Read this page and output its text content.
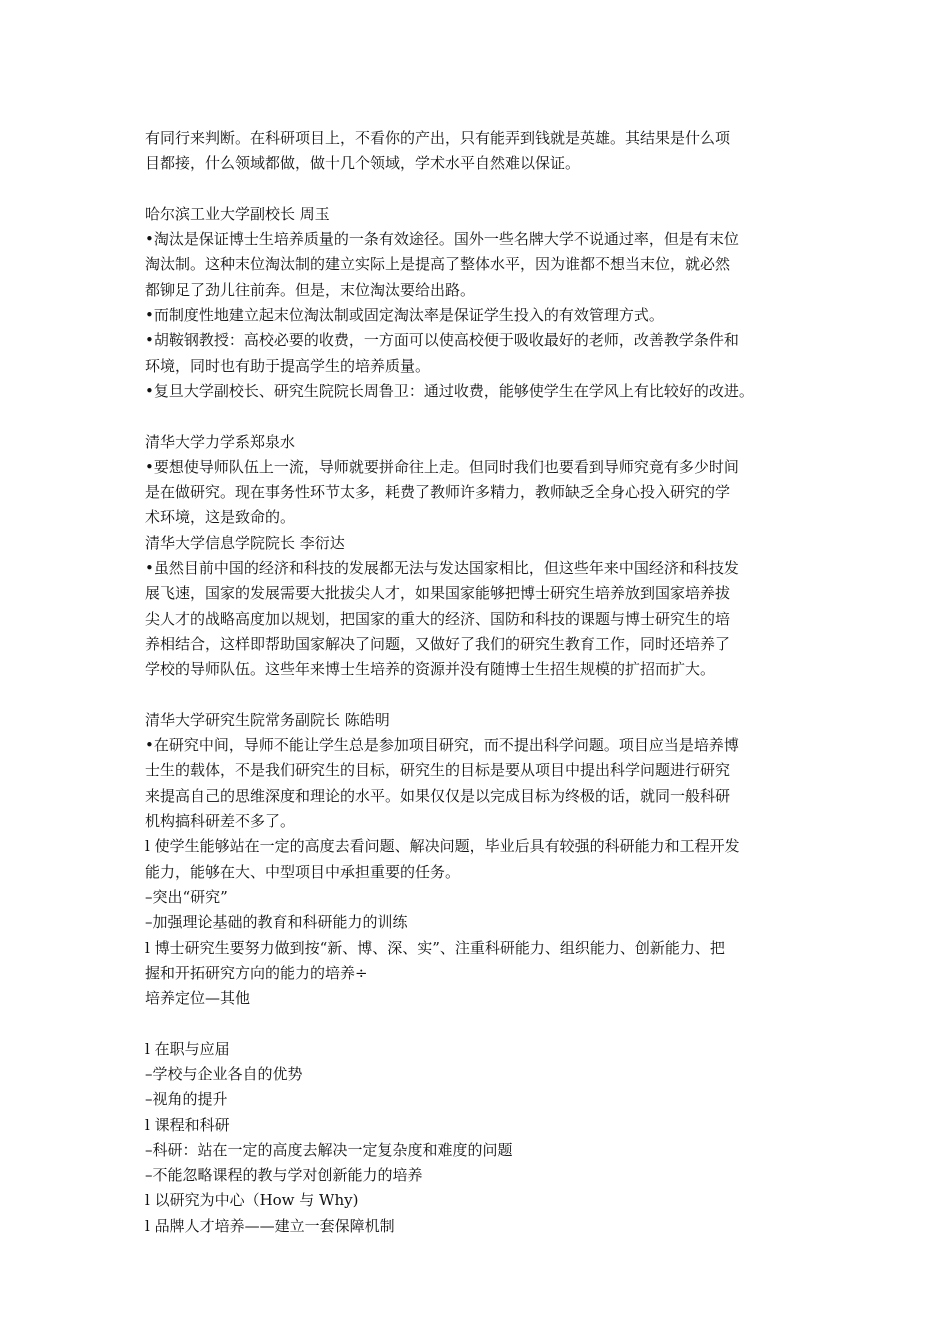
有同行来判断。在科研项目上，不看你的产出，只有能弄到钱就是英雄。其结果是什么项
目都接，什么领域都做，做十几个领域，学术水平自然难以保证。
哈尔滨工业大学副校长 周玉
•淘汰是保证博士生培养质量的一条有效途径。国外一些名牌大学不说通过率，但是有末位
淘汰制。这种末位淘汰制的建立实际上是提高了整体水平，因为谁都不想当末位，就必然
都铆足了劲儿往前奔。但是，末位淘汰要给出路。
•而制度性地建立起末位淘汰制或固定淘汰率是保证学生投入的有效管理方式。
•胡鞍钢教授：高校必要的收费，一方面可以使高校便于吸收最好的老师，改善教学条件和
环境，同时也有助于提高学生的培养质量。
•复旦大学副校长、研究生院院长周鲁卫：通过收费，能够使学生在学风上有比较好的改进。
清华大学力学系郑泉水
•要想使导师队伍上一流，导师就要拼命往上走。但同时我们也要看到导师究竟有多少时间
是在做研究。现在事务性环节太多，耗费了教师许多精力，教师缺乏全身心投入研究的学
术环境，这是致命的。
清华大学信息学院院长 李衍达
•虽然目前中国的经济和科技的发展都无法与发达国家相比，但这些年来中国经济和科技发
展飞速，国家的发展需要大批拔尖人才，如果国家能够把博士研究生培养放到国家培养拔
尖人才的战略高度加以规划，把国家的重大的经济、国防和科技的课题与博士研究生的培
养相结合，这样即帮助国家解决了问题，又做好了我们的研究生教育工作，同时还培养了
学校的导师队伍。这些年来博士生培养的资源并没有随博士生招生规模的扩招而扩大。
清华大学研究生院常务副院长 陈皓明
•在研究中间，导师不能让学生总是参加项目研究，而不提出科学问题。项目应当是培养博
士生的载体，不是我们研究生的目标，研究生的目标是要从项目中提出科学问题进行研究
来提高自己的思维深度和理论的水平。如果仅仅是以完成目标为终极的话，就同一般科研
机构搞科研差不多了。
l 使学生能够站在一定的高度去看问题、解决问题，毕业后具有较强的科研能力和工程开发
能力，能够在大、中型项目中承担重要的任务。
–突出“研究”
–加强理论基础的教育和科研能力的训练
l 博士研究生要努力做到按“新、博、深、实”、注重科研能力、组织能力、创新能力、把
握和开拓研究方向的能力的培养÷
培养定位—其他
l 在职与应届
–学校与企业各自的优势
–视角的提升
l 课程和科研
–科研：站在一定的高度去解决一定复杂度和难度的问题
–不能忽略课程的教与学对创新能力的培养
l 以研究为中心（How 与 Why)
l 品牌人才培养——建立一套保障机制
